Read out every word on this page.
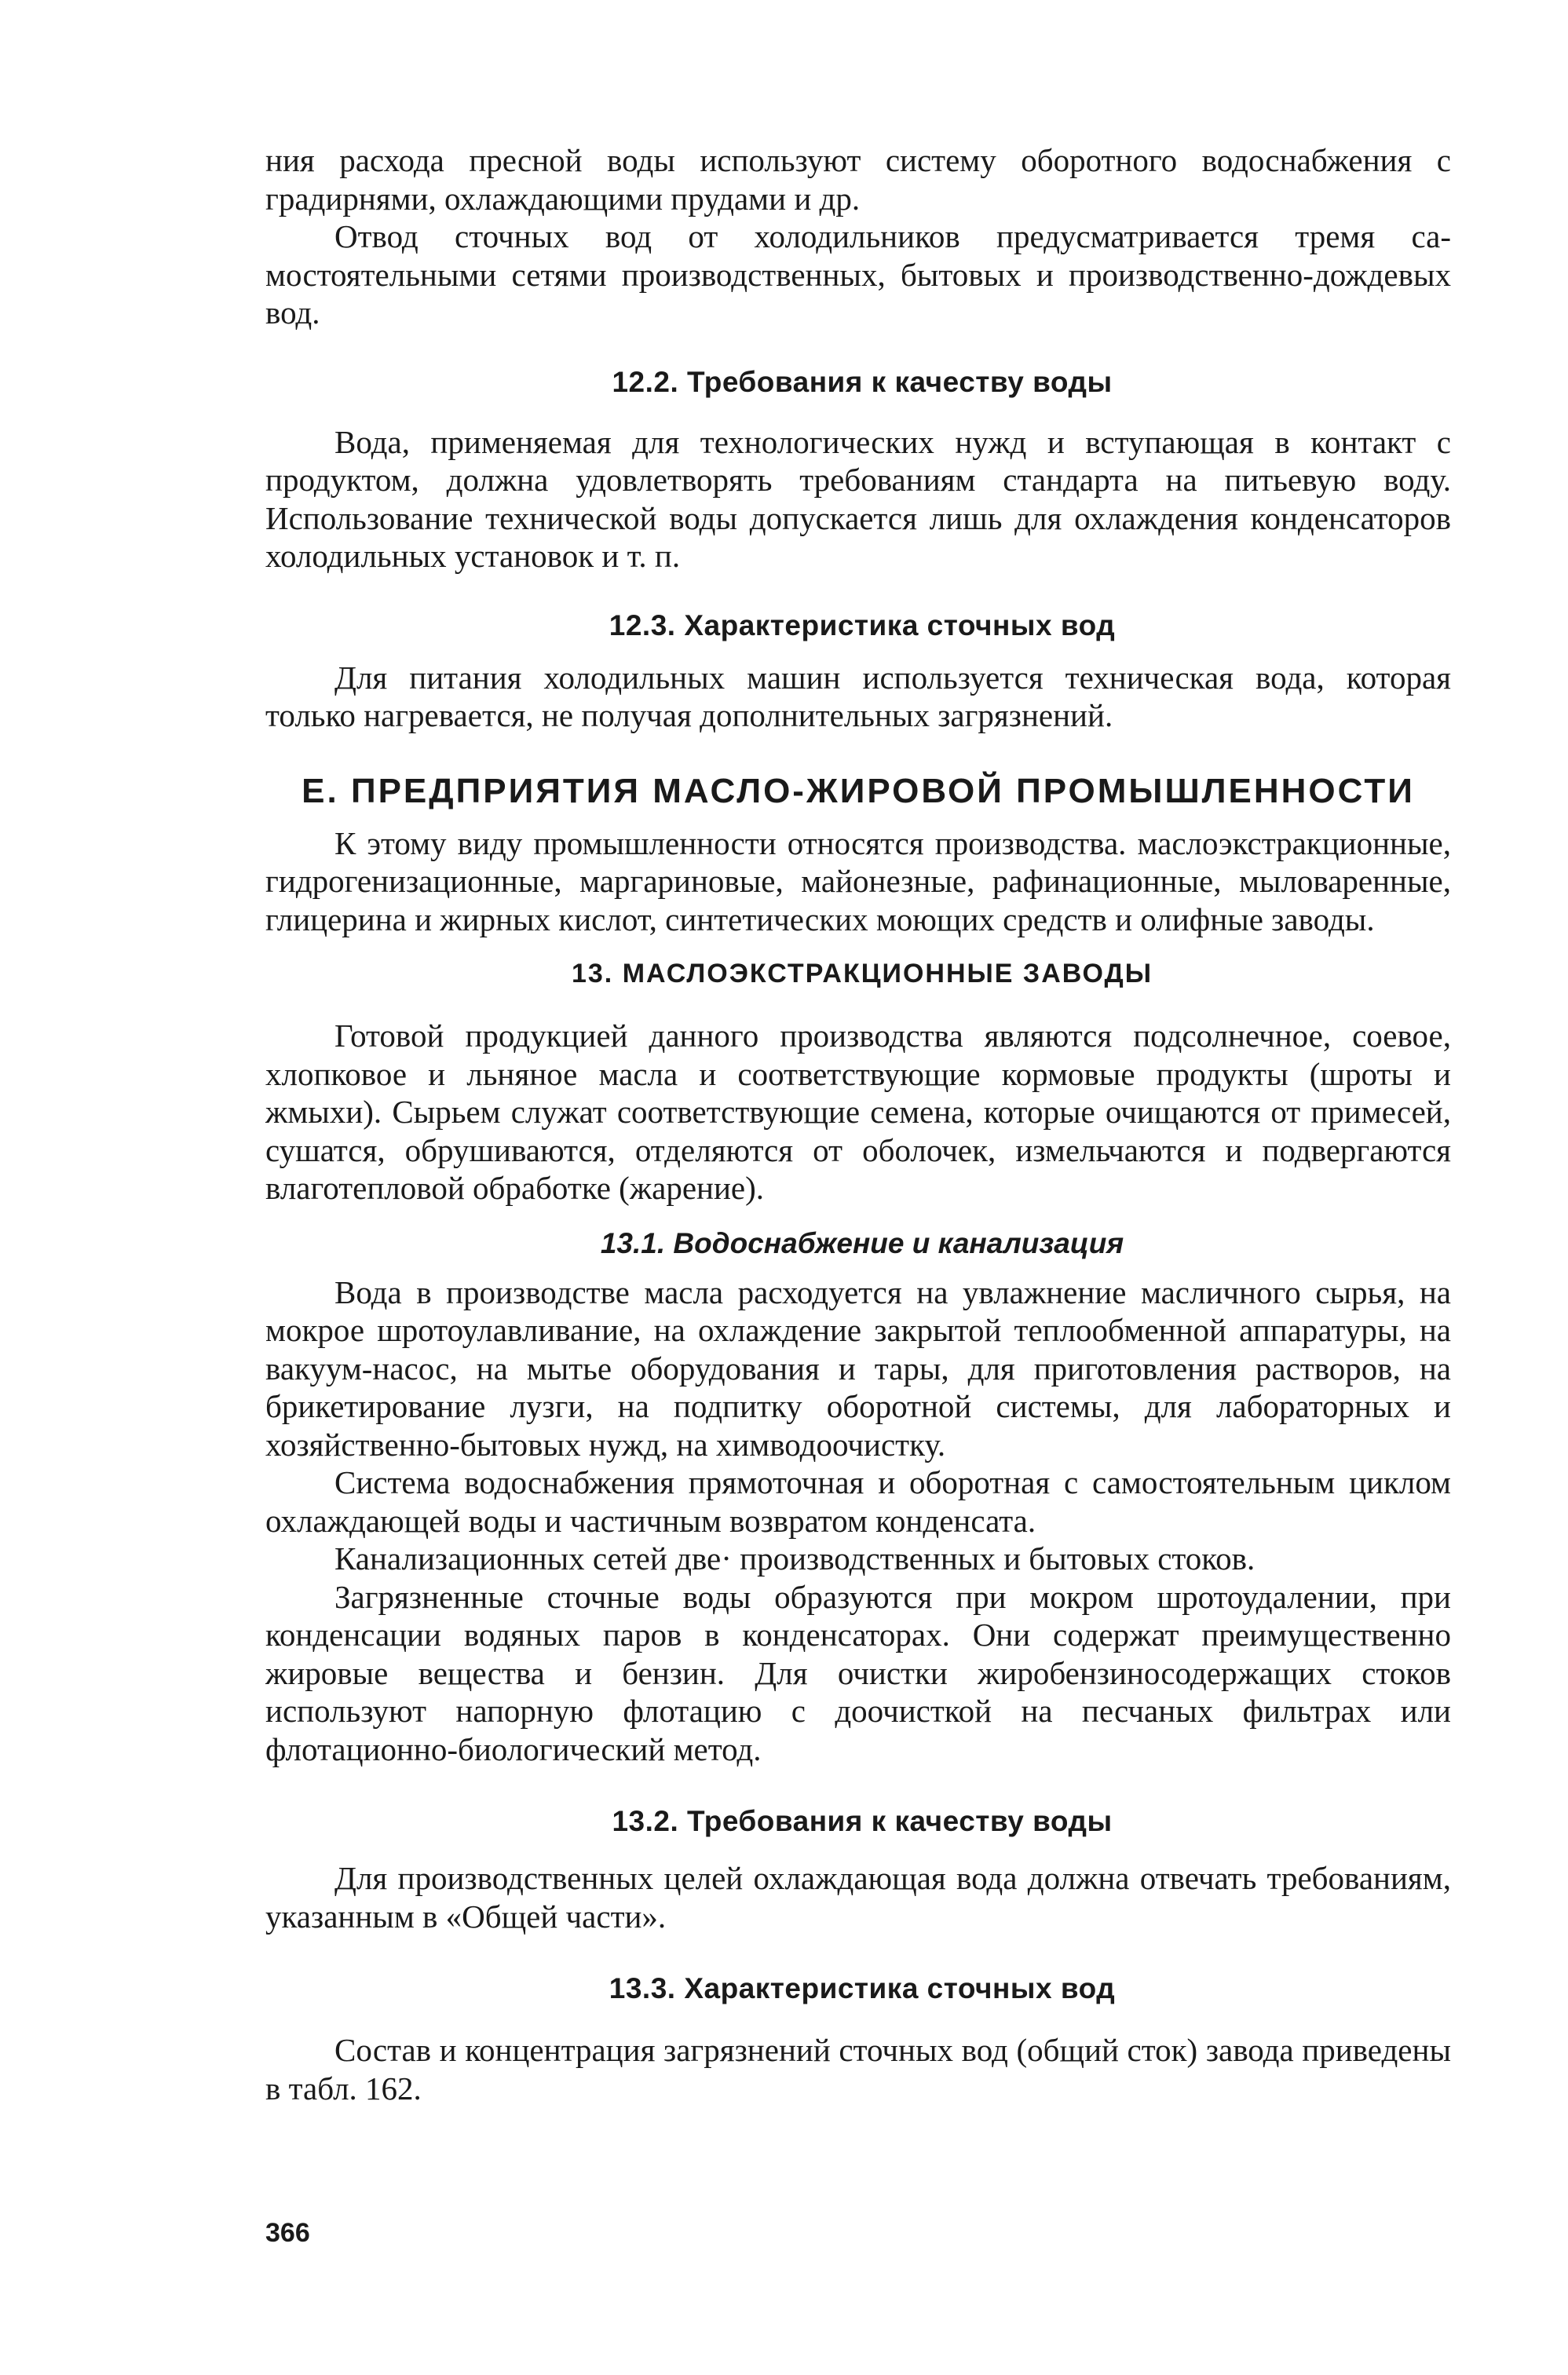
ния расхода пресной воды используют систему оборотного водоснабжения с градирнями, охлаждающими прудами и др.

Отвод сточных вод от холодильников предусматривается тремя самостоятельными сетями производственных, бытовых и производственно-дождевых вод.

12.2. Требования к качеству воды

Вода, применяемая для технологических нужд и вступающая в контакт с продуктом, должна удовлетворять требованиям стандарта на питьевую воду. Использование технической воды допускается лишь для охлаждения конденсаторов холодильных установок и т. п.

12.3. Характеристика сточных вод

Для питания холодильных машин используется техническая вода, которая только нагревается, не получая дополнительных загрязнений.

Е. ПРЕДПРИЯТИЯ МАСЛО-ЖИРОВОЙ ПРОМЫШЛЕННОСТИ

К этому виду промышленности относятся производства. маслоэкстракционные, гидрогенизационные, маргариновые, майонезные, рафинационные, мыловаренные, глицерина и жирных кислот, синтетических моющих средств и олифные заводы.

13. МАСЛОЭКСТРАКЦИОННЫЕ ЗАВОДЫ

Готовой продукцией данного производства являются подсолнечное, соевое, хлопковое и льняное масла и соответствующие кормовые продукты (шроты и жмыхи). Сырьем служат соответствующие семена, которые очищаются от примесей, сушатся, обрушиваются, отделяются от оболочек, измельчаются и подвергаются влаготепловой обработке (жарение).

13.1. Водоснабжение и канализация

Вода в производстве масла расходуется на увлажнение масличного сырья, на мокрое шротоулавливание, на охлаждение закрытой теплообменной аппаратуры, на вакуум-насос, на мытье оборудования и тары, для приготовления растворов, на брикетирование лузги, на подпитку оборотной системы, для лабораторных и хозяйственно-бытовых нужд, на химводоочистку.

Система водоснабжения прямоточная и оборотная с самостоятельным циклом охлаждающей воды и частичным возвратом конденсата.

Канализационных сетей две· производственных и бытовых стоков.

Загрязненные сточные воды образуются при мокром шротоудалении, при конденсации водяных паров в конденсаторах. Они содержат преимущественно жировые вещества и бензин. Для очистки жиробензиносодержащих стоков используют напорную флотацию с доочисткой на песчаных фильтрах или флотационно-биологический метод.

13.2. Требования к качеству воды

Для производственных целей охлаждающая вода должна отвечать требованиям, указанным в «Общей части».

13.3. Характеристика сточных вод

Состав и концентрация загрязнений сточных вод (общий сток) завода приведены в табл. 162.

366
